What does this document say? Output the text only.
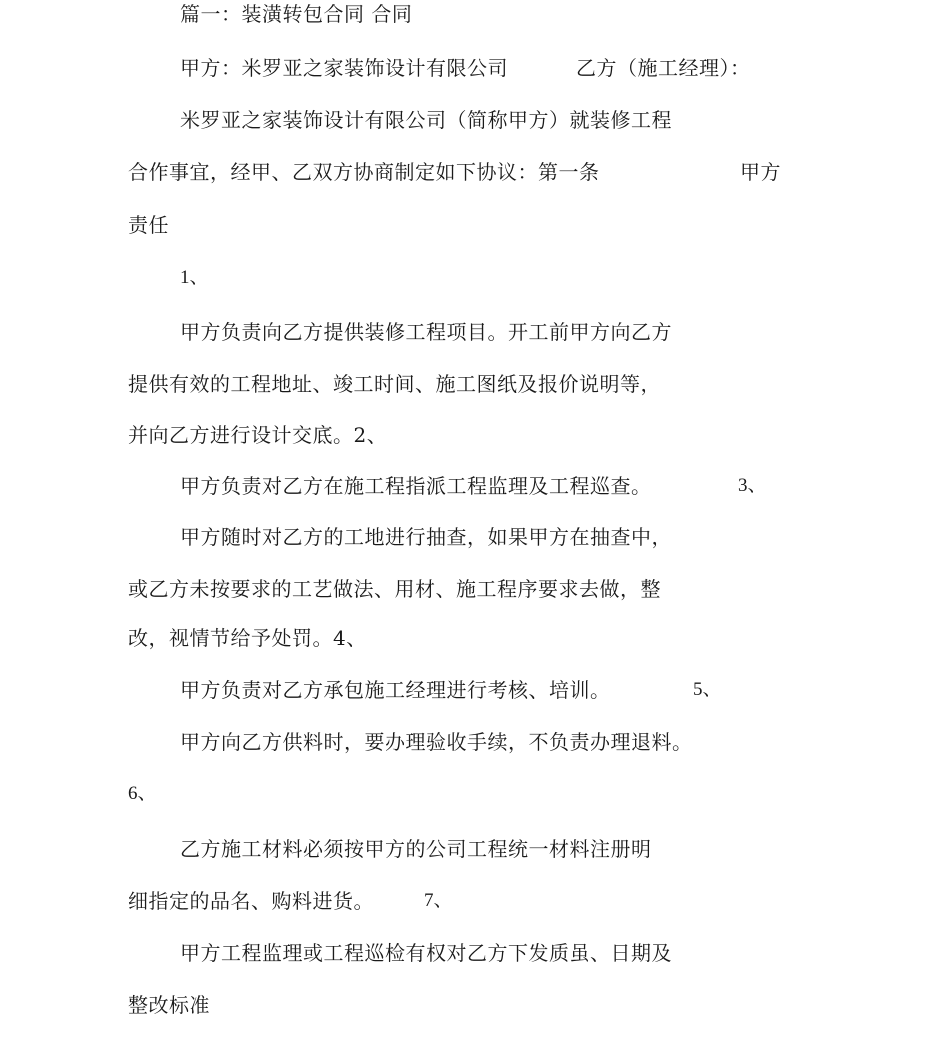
篇一：装潢转包合同 合同
甲方：米罗亚之家装饰设计有限公司	乙方（施工经理）：
米罗亚之家装饰设计有限公司（简称甲方）就装修工程
合作事宜，经甲、乙双方协商制定如下协议：第一条	甲方
责任
1、
甲方负责向乙方提供装修工程项目。开工前甲方向乙方
提供有效的工程地址、竣工时间、施工图纸及报价说明等，
并向乙方进行设计交底。2、
甲方负责对乙方在施工程指派工程监理及工程巡查。	3、
甲方随时对乙方的工地进行抽查，如果甲方在抽查中，
或乙方未按要求的工艺做法、用材、施工程序要求去做，整
改，视情节给予处罚。4、
甲方负责对乙方承包施工经理进行考核、培训。	5、
甲方向乙方供料时，要办理验收手续，不负责办理退料。
6、
乙方施工材料必须按甲方的公司工程统一材料注册明
细指定的品名、购料进货。	7、
甲方工程监理或工程巡检有权对乙方下发质虽、日期及
整改标准
